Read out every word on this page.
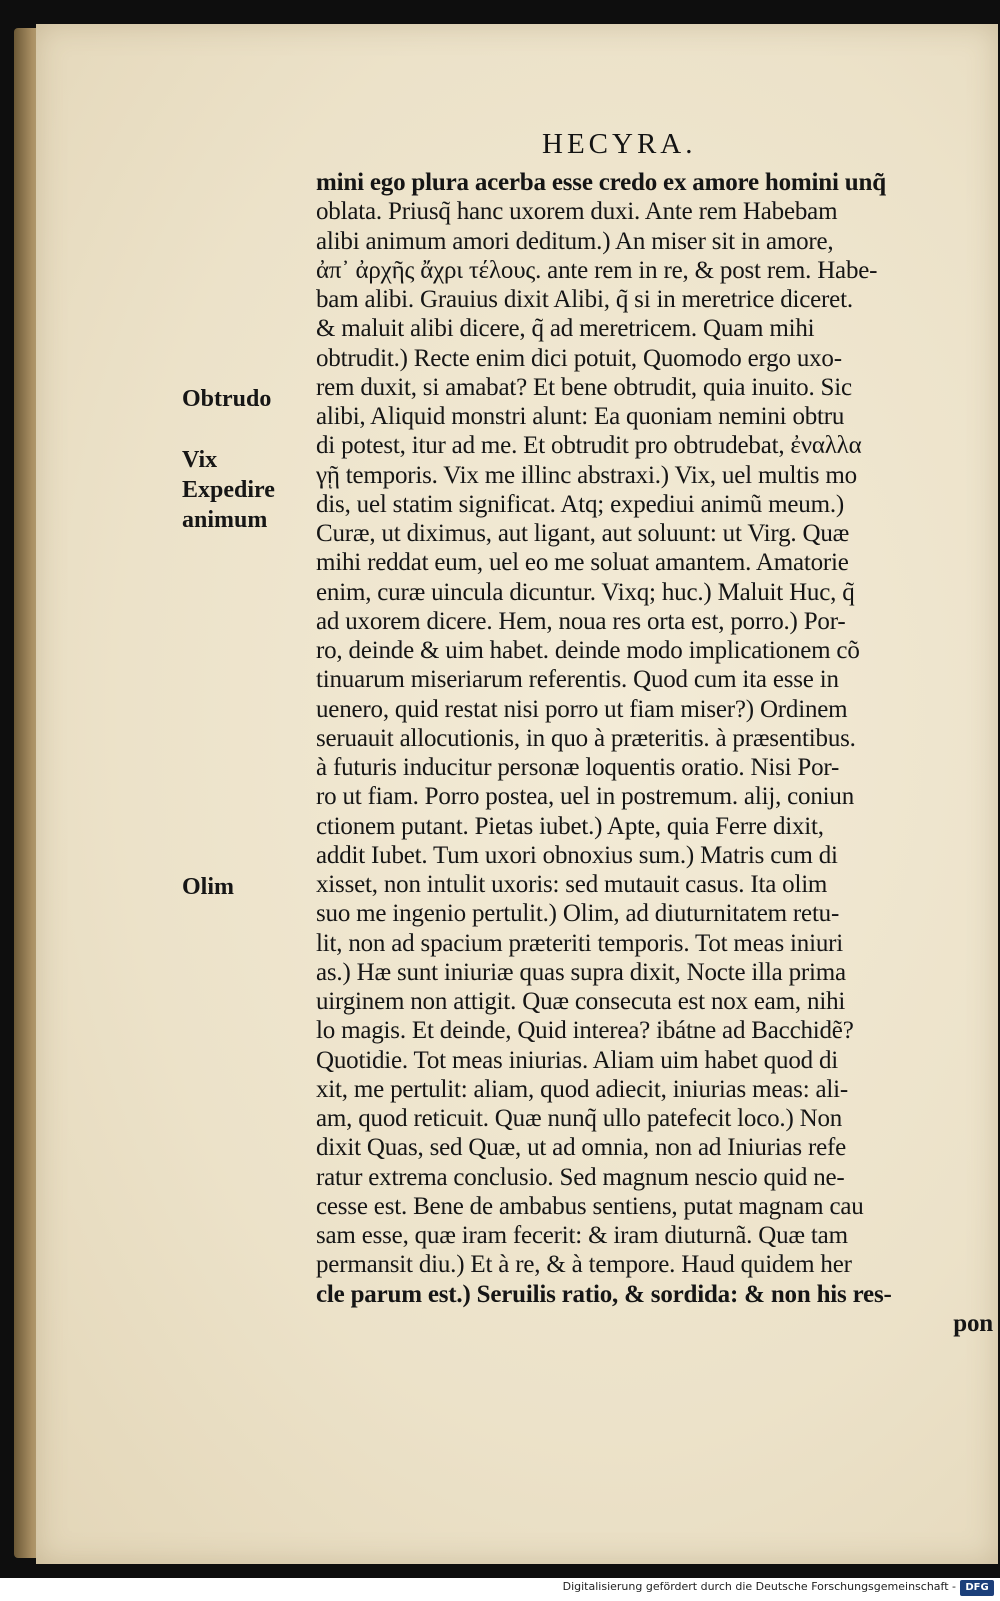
HECYRA.
Obtrudo
Vix
Expedire
animum
Olim
mini ego plura acerba esse credo ex amore homini unq̃
oblata. Priusq̃ hanc uxorem duxi. Ante rem Habebam
alibi animum amori deditum.) An miser sit in amore,
ἀπ᾽ ἀρχῆς ἄχρι τέλους. ante rem in re, & post rem. Habe-
bam alibi. Grauius dixit Alibi, q̃ si in meretrice diceret.
& maluit alibi dicere, q̃ ad meretricem. Quam mihi
obtrudit.) Recte enim dici potuit, Quomodo ergo uxo-
rem duxit, si amabat? Et bene obtrudit, quia inuito. Sic
alibi, Aliquid monstri alunt: Ea quoniam nemini obtru
di potest, itur ad me. Et obtrudit pro obtrudebat, ἐναλλα
γῇ temporis. Vix me illinc abstraxi.) Vix, uel multis mo
dis, uel statim significat. Atq; expediui animũ meum.)
Curæ, ut diximus, aut ligant, aut soluunt: ut Virg. Quæ
mihi reddat eum, uel eo me soluat amantem. Amatorie
enim, curæ uincula dicuntur. Vixq; huc.) Maluit Huc, q̃
ad uxorem dicere. Hem, noua res orta est, porro.) Por-
ro, deinde & uim habet. deinde modo implicationem cõ
tinuarum miseriarum referentis. Quod cum ita esse in
uenero, quid restat nisi porro ut fiam miser?) Ordinem
seruauit allocutionis, in quo à præteritis. à præsentibus.
à futuris inducitur personæ loquentis oratio. Nisi Por-
ro ut fiam. Porro postea, uel in postremum. alij, coniun
ctionem putant. Pietas iubet.) Apte, quia Ferre dixit,
addit Iubet. Tum uxori obnoxius sum.) Matris cum di
xisset, non intulit uxoris: sed mutauit casus. Ita olim
suo me ingenio pertulit.) Olim, ad diuturnitatem retu-
lit, non ad spacium præteriti temporis. Tot meas iniuri
as.) Hæ sunt iniuriæ quas supra dixit, Nocte illa prima
uirginem non attigit. Quæ consecuta est nox eam, nihi
lo magis. Et deinde, Quid interea? ibátne ad Bacchidẽ?
Quotidie. Tot meas iniurias. Aliam uim habet quod di
xit, me pertulit: aliam, quod adiecit, iniurias meas: ali-
am, quod reticuit. Quæ nunq̃ ullo patefecit loco.) Non
dixit Quas, sed Quæ, ut ad omnia, non ad Iniurias refe
ratur extrema conclusio. Sed magnum nescio quid ne-
cesse est. Bene de ambabus sentiens, putat magnam cau
sam esse, quæ iram fecerit: & iram diuturnã. Quæ tam
permansit diu.) Et à re, & à tempore. Haud quidem her
cle parum est.) Seruilis ratio, & sordida: & non his res-
pon
Digitalisierung gefördert durch die Deutsche Forschungsgemeinschaft - DFG
